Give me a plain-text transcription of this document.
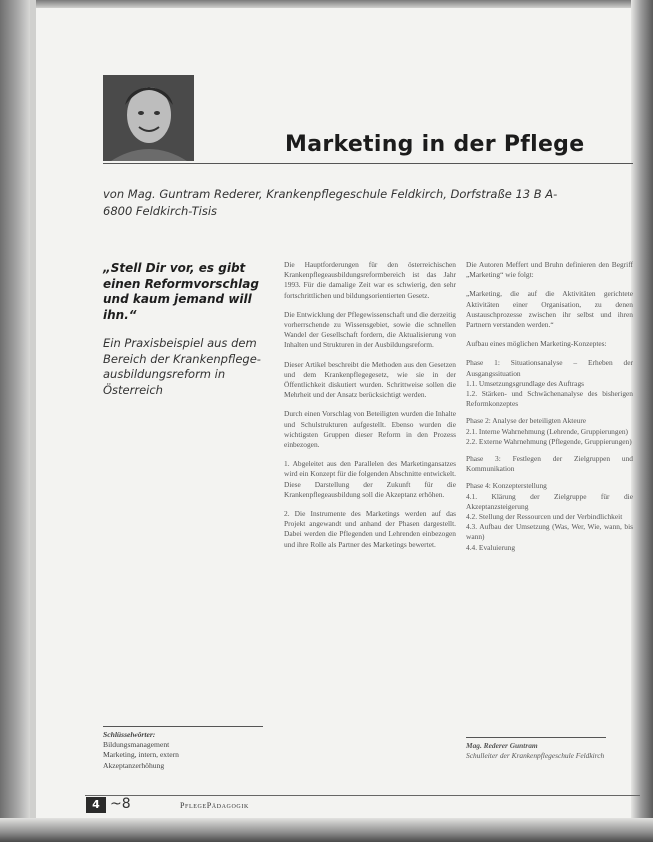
Marketing in der Pflege

von Mag. Guntram Rederer, Krankenpflegeschule Feldkirch, Dorfstraße 13 B A-6800 Feldkirch-Tisis

„Stell Dir vor, es gibt einen Reformvorschlag und kaum jemand will ihn.“

Ein Praxisbeispiel aus dem Bereich der Krankenpflegeausbildungsreform in Österreich

Die Hauptforderungen für den österreichischen Krankenpflegeausbildungsreformbereich ist das Jahr 1993. Für die damalige Zeit war es schwierig, den sehr fortschrittlichen und bildungsorientierten Gesetz.

Die Entwicklung der Pflegewissenschaft und die derzeitig vorherrschende zu Wissensgebiet, sowie die schnellen Wandel der Gesellschaft fordern, die Aktualisierung von Inhalten und Strukturen in der Ausbildungsreform.

Dieser Artikel beschreibt die Methoden aus den Gesetzen und dem Krankenpflegegesetz, wie sie in der Öffentlichkeit diskutiert wurden. Schrittweise sollen die Mehrheit und der Ansatz berücksichtigt werden.

Durch einen Vorschlag von Beteiligten wurden die Inhalte und Schulstrukturen aufgestellt. Ebenso wurden die wichtigsten Gruppen dieser Reform in den Prozess einbezogen.

1. Abgeleitet aus den Parallelen des Marketingansatzes wird ein Konzept für die folgenden Abschnitte entwickelt. Diese Darstellung der Zukunft für die Krankenpflegeausbildung soll die Akzeptanz erhöhen.

2. Die Instrumente des Marketings werden auf das Projekt angewandt und anhand der Phasen dargestellt. Dabei werden die Pflegenden und Lehrenden einbezogen und ihre Rolle als Partner des Marketings bewertet.

Die Autoren Meffert und Bruhn definieren den Begriff „Marketing“ wie folgt:

„Marketing, die auf die Aktivitäten gerichtete Aktivitäten einer Organisation, zu denen Austauschprozesse zwischen ihr selbst und ihren Partnern verstanden werden.“

Aufbau eines möglichen Marketing-Konzeptes:

Phase 1: Situationsanalyse – Erheben der Ausgangssituation
1.1. Umsetzungsgrundlage des Auftrags
1.2. Stärken- und Schwächenanalyse des bisherigen Reformkonzeptes
Phase 2: Analyse der beteiligten Akteure
2.1. Interne Wahrnehmung (Lehrende, Gruppierungen)
2.2. Externe Wahrnehmung (Pflegende, Gruppierungen)
Phase 3: Festlegen der Zielgruppen und Kommunikation
Phase 4: Konzepterstellung
4.1. Klärung der Zielgruppe für die Akzeptanzsteigerung
4.2. Stellung der Ressourcen und der Verbindlichkeit
4.3. Aufbau der Umsetzung (Was, Wer, Wie, wann, bis wann)
4.4. Evaluierung
Schlüsselwörter:
Bildungsmanagement
Marketing, intern, extern
Akzeptanzerhöhung
Mag. Rederer Guntram
Schulleiter der Krankenpflegeschule Feldkirch
4 ~8	PflegePädagogik
